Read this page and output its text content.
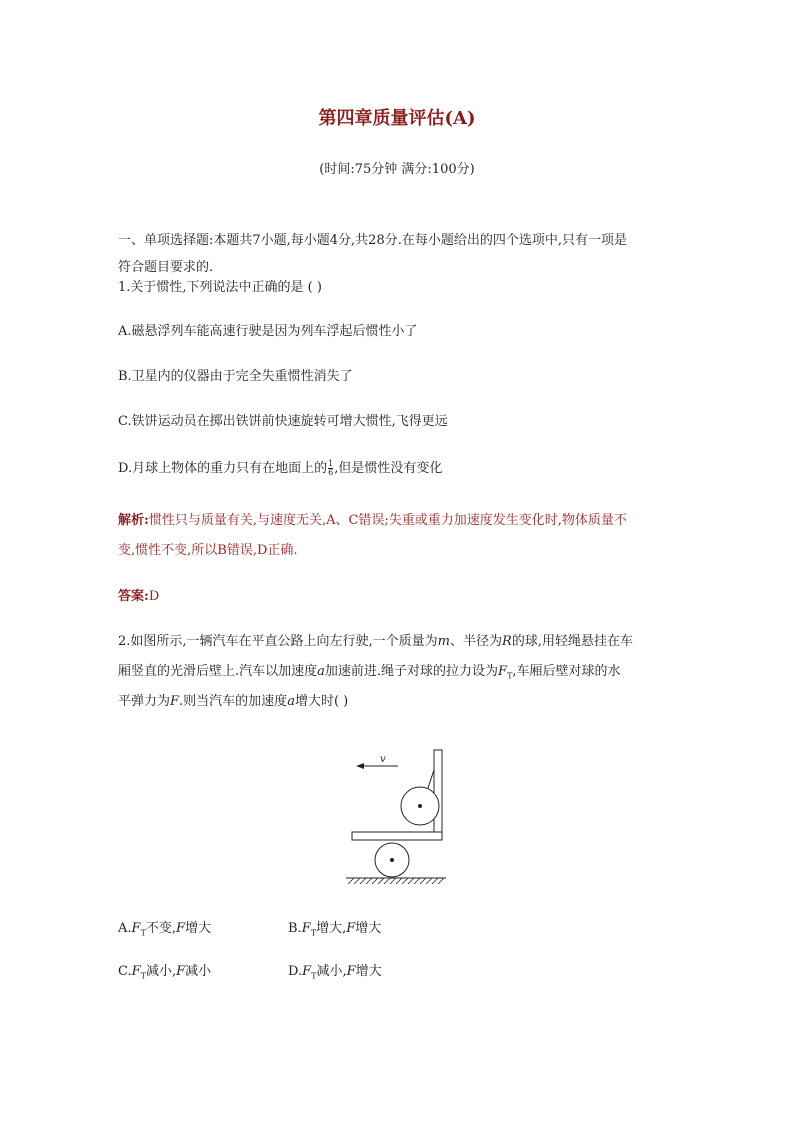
第四章质量评估(A)
(时间:75分钟 满分:100分)
一、单项选择题:本题共7小题,每小题4分,共28分.在每小题给出的四个选项中,只有一项是
符合题目要求的.
1.关于惯性,下列说法中正确的是 ( )
A.磁悬浮列车能高速行驶是因为列车浮起后惯性小了
B.卫星内的仪器由于完全失重惯性消失了
C.铁饼运动员在掷出铁饼前快速旋转可增大惯性,飞得更远
D.月球上物体的重力只有在地面上的 $\frac{1}{6}$ ,但是惯性没有变化
解析:惯性只与质量有关,与速度无关,A、C错误;失重或重力加速度发生变化时,物体质量不
变,惯性不变,所以B错误,D正确.
答案:D
2.如图所示,一辆汽车在平直公路上向左行驶,一个质量为m、半径为R的球,用轻绳悬挂在车
厢竖直的光滑后壁上.汽车以加速度a加速前进.绳子对球的拉力设为$F_T$,车厢后壁对球的水
平弹力为F.则当汽车的加速度a增大时( )
v
$A.F_T$不变,F增大	$B.F_T$增大,F增大
$C.F_T$减小,F减小	$D.F_T$减小,F增大
